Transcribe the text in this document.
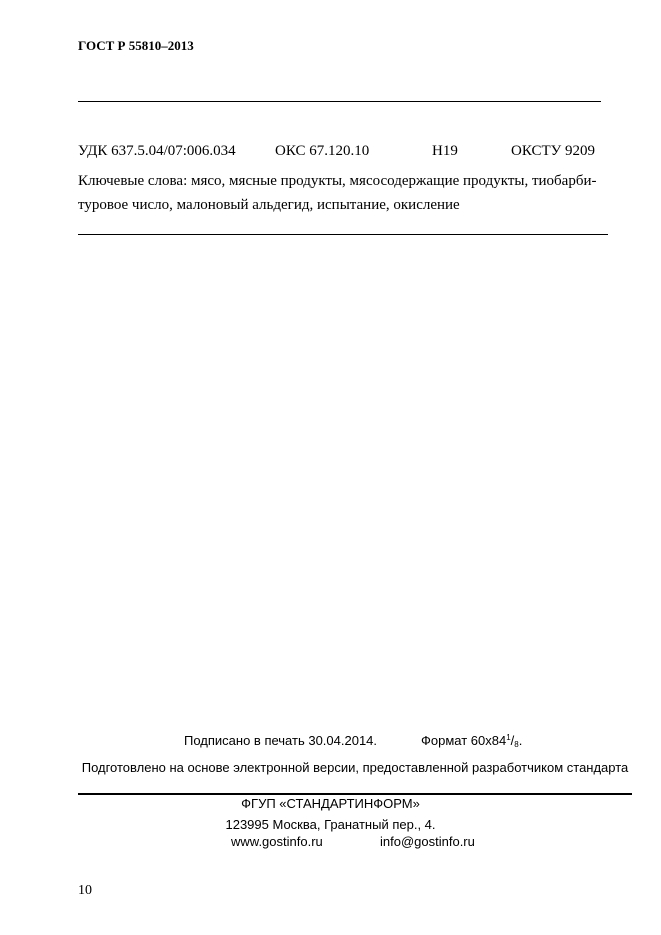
ГОСТ Р 55810–2013
УДК 637.5.04/07:006.034	ОКС 67.120.10	Н19	ОКСТУ 9209

Ключевые слова: мясо, мясные продукты, мясосодержащие продукты, тиобарби-

туровое число, малоновый альдегид, испытание, окисление

Подписано в печать 30.04.2014.	Формат $60x84^1/_8$.
Подготовлено на основе электронной версии, предоставленной разработчиком стандарта
ФГУП «СТАНДАРТИНФОРМ»
123995 Москва, Гранатный пер., 4.
www.gostinfo.ru	info@gostinfo.ru
10
